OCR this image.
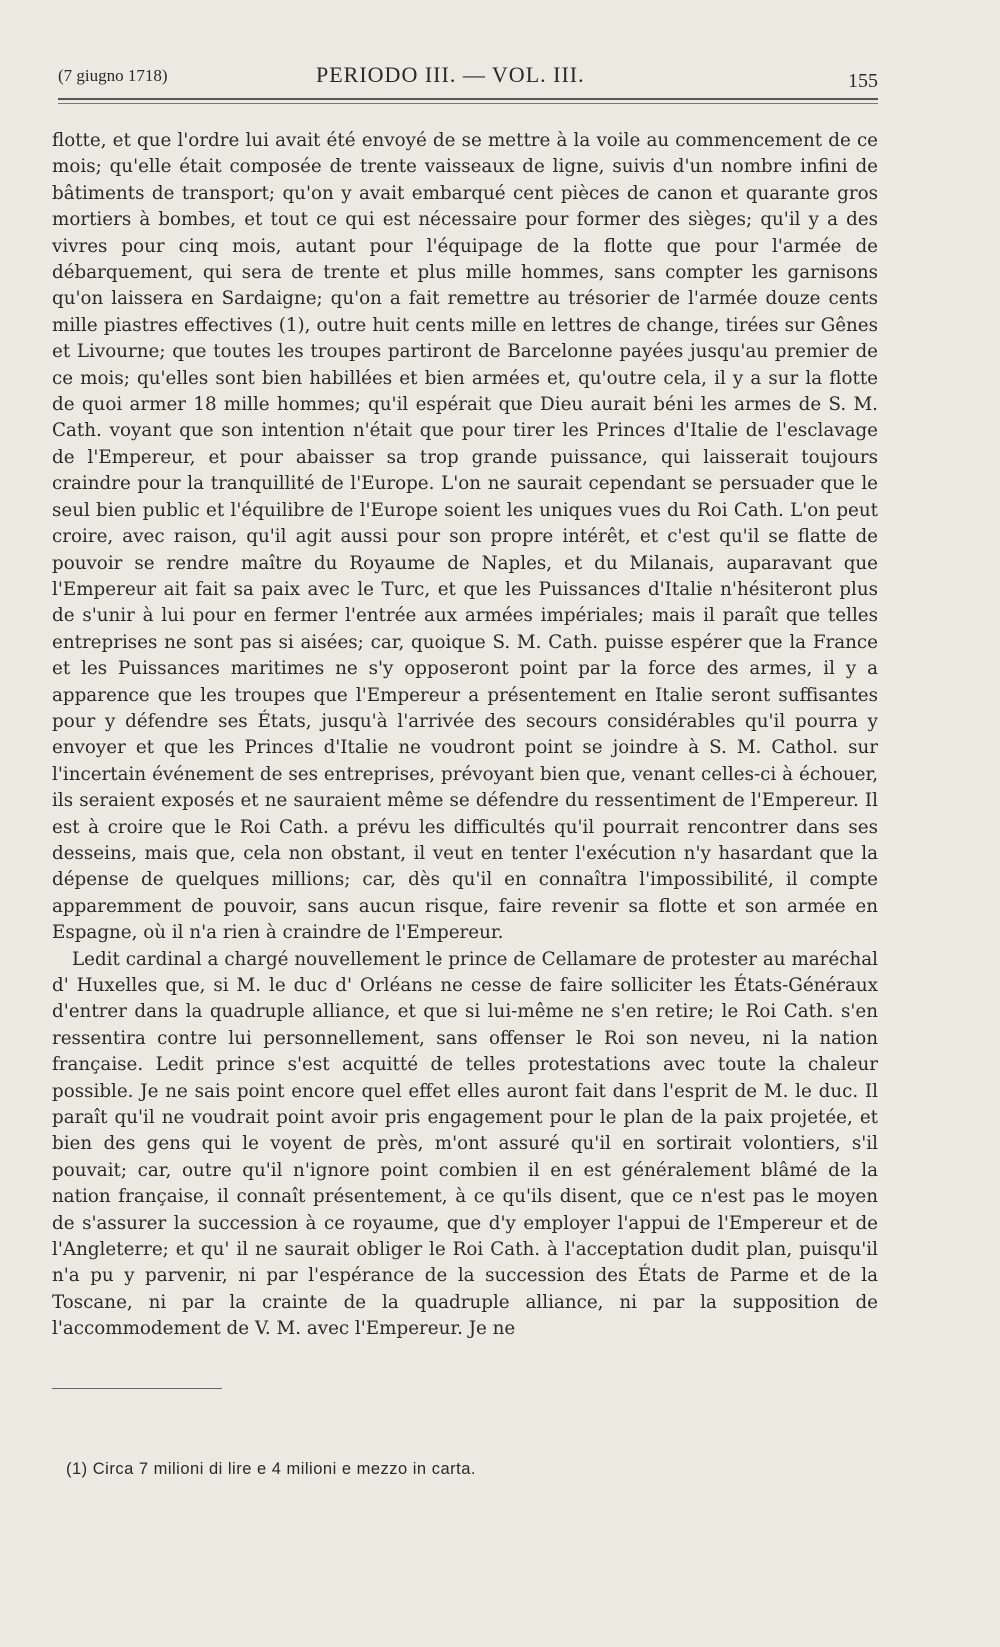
(7 giugno 1718)	PERIODO III. — VOL. III.	155

flotte, et que l'ordre lui avait été envoyé de se mettre à la voile au commencement de ce mois; qu'elle était composée de trente vaisseaux de ligne, suivis d'un nombre infini de bâtiments de transport; qu'on y avait embarqué cent pièces de canon et quarante gros mortiers à bombes, et tout ce qui est nécessaire pour former des sièges; qu'il y a des vivres pour cinq mois, autant pour l'équipage de la flotte que pour l'armée de débarquement, qui sera de trente et plus mille hommes, sans compter les garnisons qu'on laissera en Sardaigne; qu'on a fait remettre au trésorier de l'armée douze cents mille piastres effectives (1), outre huit cents mille en lettres de change, tirées sur Gênes et Livourne; que toutes les troupes partiront de Barcelonne payées jusqu'au premier de ce mois; qu'elles sont bien habillées et bien armées et, qu'outre cela, il y a sur la flotte de quoi armer 18 mille hommes; qu'il espérait que Dieu aurait béni les armes de S. M. Cath. voyant que son intention n'était que pour tirer les Princes d'Italie de l'esclavage de l'Empereur, et pour abaisser sa trop grande puissance, qui laisserait toujours craindre pour la tranquillité de l'Europe. L'on ne saurait cependant se persuader que le seul bien public et l'équilibre de l'Europe soient les uniques vues du Roi Cath. L'on peut croire, avec raison, qu'il agit aussi pour son propre intérêt, et c'est qu'il se flatte de pouvoir se rendre maître du Royaume de Naples, et du Milanais, auparavant que l'Empereur ait fait sa paix avec le Turc, et que les Puissances d'Italie n'hésiteront plus de s'unir à lui pour en fermer l'entrée aux armées impériales; mais il paraît que telles entreprises ne sont pas si aisées; car, quoique S. M. Cath. puisse espérer que la France et les Puissances maritimes ne s'y opposeront point par la force des armes, il y a apparence que les troupes que l'Empereur a présentement en Italie seront suffisantes pour y défendre ses États, jusqu'à l'arrivée des secours considérables qu'il pourra y envoyer et que les Princes d'Italie ne voudront point se joindre à S. M. Cathol. sur l'incertain événement de ses entreprises, prévoyant bien que, venant celles-ci à échouer, ils seraient exposés et ne sauraient même se défendre du ressentiment de l'Empereur. Il est à croire que le Roi Cath. a prévu les difficultés qu'il pourrait rencontrer dans ses desseins, mais que, cela non obstant, il veut en tenter l'exécution n'y hasardant que la dépense de quelques millions; car, dès qu'il en connaîtra l'impossibilité, il compte apparemment de pouvoir, sans aucun risque, faire revenir sa flotte et son armée en Espagne, où il n'a rien à craindre de l'Empereur.

Ledit cardinal a chargé nouvellement le prince de Cellamare de protester au maréchal d' Huxelles que, si M. le duc d' Orléans ne cesse de faire solliciter les États-Généraux d'entrer dans la quadruple alliance, et que si lui-même ne s'en retire; le Roi Cath. s'en ressentira contre lui personnellement, sans offenser le Roi son neveu, ni la nation française. Ledit prince s'est acquitté de telles protestations avec toute la chaleur possible. Je ne sais point encore quel effet elles auront fait dans l'esprit de M. le duc. Il paraît qu'il ne voudrait point avoir pris engagement pour le plan de la paix projetée, et bien des gens qui le voyent de près, m'ont assuré qu'il en sortirait volontiers, s'il pouvait; car, outre qu'il n'ignore point combien il en est généralement blâmé de la nation française, il connaît présentement, à ce qu'ils disent, que ce n'est pas le moyen de s'assurer la succession à ce royaume, que d'y employer l'appui de l'Empereur et de l'Angleterre; et qu' il ne saurait obliger le Roi Cath. à l'acceptation dudit plan, puisqu'il n'a pu y parvenir, ni par l'espérance de la succession des États de Parme et de la Toscane, ni par la crainte de la quadruple alliance, ni par la supposition de l'accommodement de V. M. avec l'Empereur. Je ne

(1) Circa 7 milioni di lire e 4 milioni e mezzo in carta.
